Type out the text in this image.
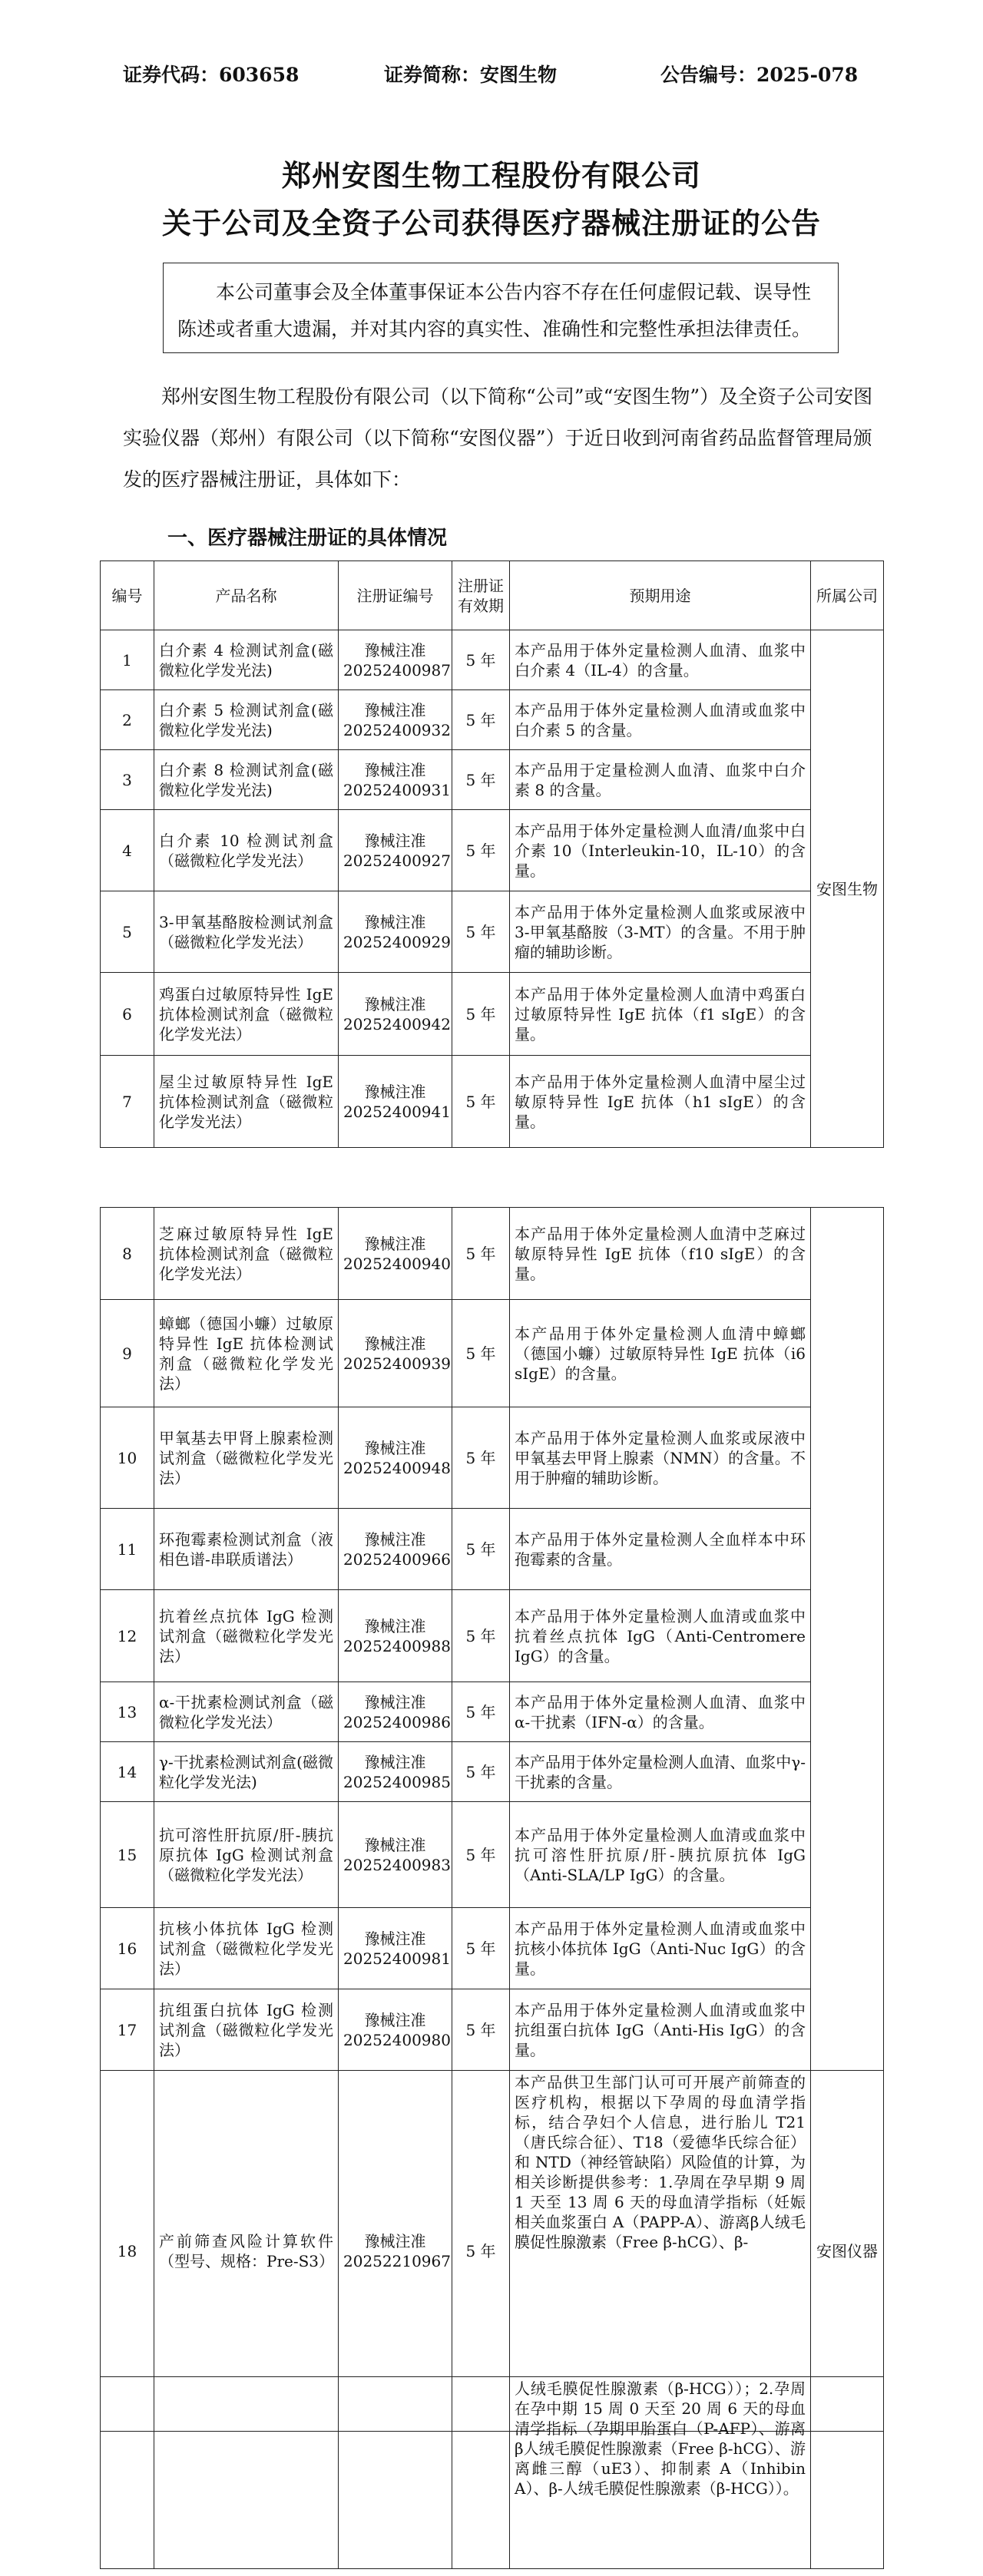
证券代码：603658	证券简称：安图生物	公告编号：2025-078
郑州安图生物工程股份有限公司
关于公司及全资子公司获得医疗器械注册证的公告

本公司董事会及全体董事保证本公告内容不存在任何虚假记载、误导性陈述或者重大遗漏，并对其内容的真实性、准确性和完整性承担法律责任。

郑州安图生物工程股份有限公司（以下简称“公司”或“安图生物”）及全资子公司安图实验仪器（郑州）有限公司（以下简称“安图仪器”）于近日收到河南省药品监督管理局颁发的医疗器械注册证，具体如下：

一、医疗器械注册证的具体情况

编号	产品名称	注册证编号	注册证有效期	预期用途	所属公司
1	白介素 4 检测试剂盒(磁微粒化学发光法)	豫械注准
20252400987	5 年	本产品用于体外定量检测人血清、血浆中白介素 4（IL-4）的含量。	安图生物
2	白介素 5 检测试剂盒(磁微粒化学发光法)	豫械注准
20252400932	5 年	本产品用于体外定量检测人血清或血浆中白介素 5 的含量。	
3	白介素 8 检测试剂盒(磁微粒化学发光法)	豫械注准
20252400931	5 年	本产品用于定量检测人血清、血浆中白介素 8 的含量。	
4	白介素 10 检测试剂盒（磁微粒化学发光法）	豫械注准
20252400927	5 年	本产品用于体外定量检测人血清/血浆中白介素 10（Interleukin-10，IL-10）的含量。	
5	3-甲氧基酪胺检测试剂盒（磁微粒化学发光法）	豫械注准
20252400929	5 年	本产品用于体外定量检测人血浆或尿液中 3-甲氧基酪胺（3-MT）的含量。不用于肿瘤的辅助诊断。	
6	鸡蛋白过敏原特异性 IgE 抗体检测试剂盒（磁微粒化学发光法）	豫械注准
20252400942	5 年	本产品用于体外定量检测人血清中鸡蛋白过敏原特异性 IgE 抗体（f1 sIgE）的含量。	
7	屋尘过敏原特异性 IgE 抗体检测试剂盒（磁微粒化学发光法）	豫械注准
20252400941	5 年	本产品用于体外定量检测人血清中屋尘过敏原特异性 IgE 抗体（h1 sIgE）的含量。	
8	芝麻过敏原特异性 IgE 抗体检测试剂盒（磁微粒化学发光法）	豫械注准
20252400940	5 年	本产品用于体外定量检测人血清中芝麻过敏原特异性 IgE 抗体（f10 sIgE）的含量。	
9	蟑螂（德国小蠊）过敏原特异性 IgE 抗体检测试剂盒（磁微粒化学发光法）	豫械注准
20252400939	5 年	本产品用于体外定量检测人血清中蟑螂（德国小蠊）过敏原特异性 IgE 抗体（i6 sIgE）的含量。	
10	甲氧基去甲肾上腺素检测试剂盒（磁微粒化学发光法）	豫械注准
20252400948	5 年	本产品用于体外定量检测人血浆或尿液中甲氧基去甲肾上腺素（NMN）的含量。不用于肿瘤的辅助诊断。	
11	环孢霉素检测试剂盒（液相色谱-串联质谱法）	豫械注准
20252400966	5 年	本产品用于体外定量检测人全血样本中环孢霉素的含量。	
12	抗着丝点抗体 IgG 检测试剂盒（磁微粒化学发光法）	豫械注准
20252400988	5 年	本产品用于体外定量检测人血清或血浆中抗着丝点抗体 IgG（Anti-Centromere IgG）的含量。	
13	α-干扰素检测试剂盒（磁微粒化学发光法）	豫械注准
20252400986	5 年	本产品用于体外定量检测人血清、血浆中α-干扰素（IFN-α）的含量。	
14	γ-干扰素检测试剂盒(磁微粒化学发光法)	豫械注准
20252400985	5 年	本产品用于体外定量检测人血清、血浆中γ-干扰素的含量。	
15	抗可溶性肝抗原/肝-胰抗原抗体 IgG 检测试剂盒（磁微粒化学发光法）	豫械注准
20252400983	5 年	本产品用于体外定量检测人血清或血浆中抗可溶性肝抗原/肝-胰抗原抗体 IgG（Anti-SLA/LP IgG）的含量。	
16	抗核小体抗体 IgG 检测试剂盒（磁微粒化学发光法）	豫械注准
20252400981	5 年	本产品用于体外定量检测人血清或血浆中抗核小体抗体 IgG（Anti-Nuc IgG）的含量。	
17	抗组蛋白抗体 IgG 检测试剂盒（磁微粒化学发光法）	豫械注准
20252400980	5 年	本产品用于体外定量检测人血清或血浆中抗组蛋白抗体 IgG（Anti-His IgG）的含量。	
18	产前筛查风险计算软件（型号、规格：Pre-S3）	豫械注准
20252210967	5 年	本产品供卫生部门认可可开展产前筛查的医疗机构，根据以下孕周的母血清学指标，结合孕妇个人信息，进行胎儿 T21（唐氏综合征）、T18（爱德华氏综合征）和 NTD（神经管缺陷）风险值的计算，为相关诊断提供参考：1.孕周在孕早期 9 周 1 天至 13 周 6 天的母血清学指标（妊娠相关血浆蛋白 A（PAPP-A）、游离β人绒毛膜促性腺激素（Free β-hCG）、β-	安图仪器
				人绒毛膜促性腺激素（β-HCG））；2.孕周在孕中期 15 周 0 天至 20 周 6 天的母血清学指标（孕期甲胎蛋白（P-AFP）、游离β人绒毛膜促性腺激素（Free β-hCG）、游离雌三醇（uE3）、抑制素 A（Inhibin A）、β-人绒毛膜促性腺激素（β-HCG））。	
